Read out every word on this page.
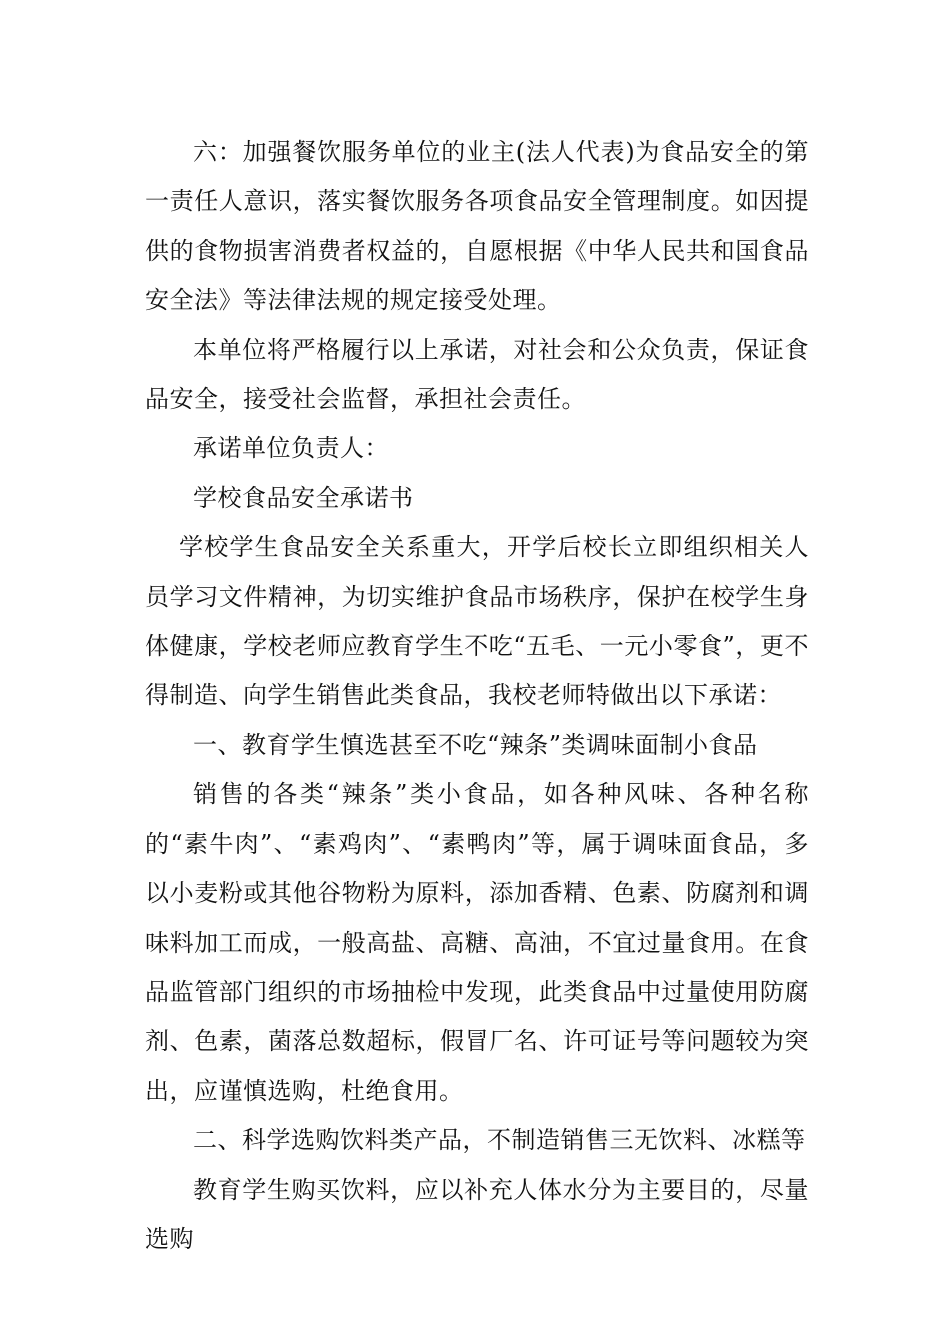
六：加强餐饮服务单位的业主(法人代表)为食品安全的第一责任人意识，落实餐饮服务各项食品安全管理制度。如因提供的食物损害消费者权益的，自愿根据《中华人民共和国食品安全法》等法律法规的规定接受处理。

本单位将严格履行以上承诺，对社会和公众负责，保证食品安全，接受社会监督，承担社会责任。

承诺单位负责人：

学校食品安全承诺书

学校学生食品安全关系重大，开学后校长立即组织相关人员学习文件精神，为切实维护食品市场秩序，保护在校学生身体健康，学校老师应教育学生不吃“五毛、一元小零食”，更不得制造、向学生销售此类食品，我校老师特做出以下承诺：

一、教育学生慎选甚至不吃“辣条”类调味面制小食品

销售的各类“辣条”类小食品，如各种风味、各种名称的“素牛肉”、“素鸡肉”、“素鸭肉”等，属于调味面食品，多以小麦粉或其他谷物粉为原料，添加香精、色素、防腐剂和调味料加工而成，一般高盐、高糖、高油，不宜过量食用。在食品监管部门组织的市场抽检中发现，此类食品中过量使用防腐剂、色素，菌落总数超标，假冒厂名、许可证号等问题较为突出，应谨慎选购，杜绝食用。

二、科学选购饮料类产品，不制造销售三无饮料、冰糕等

教育学生购买饮料，应以补充人体水分为主要目的，尽量选购
